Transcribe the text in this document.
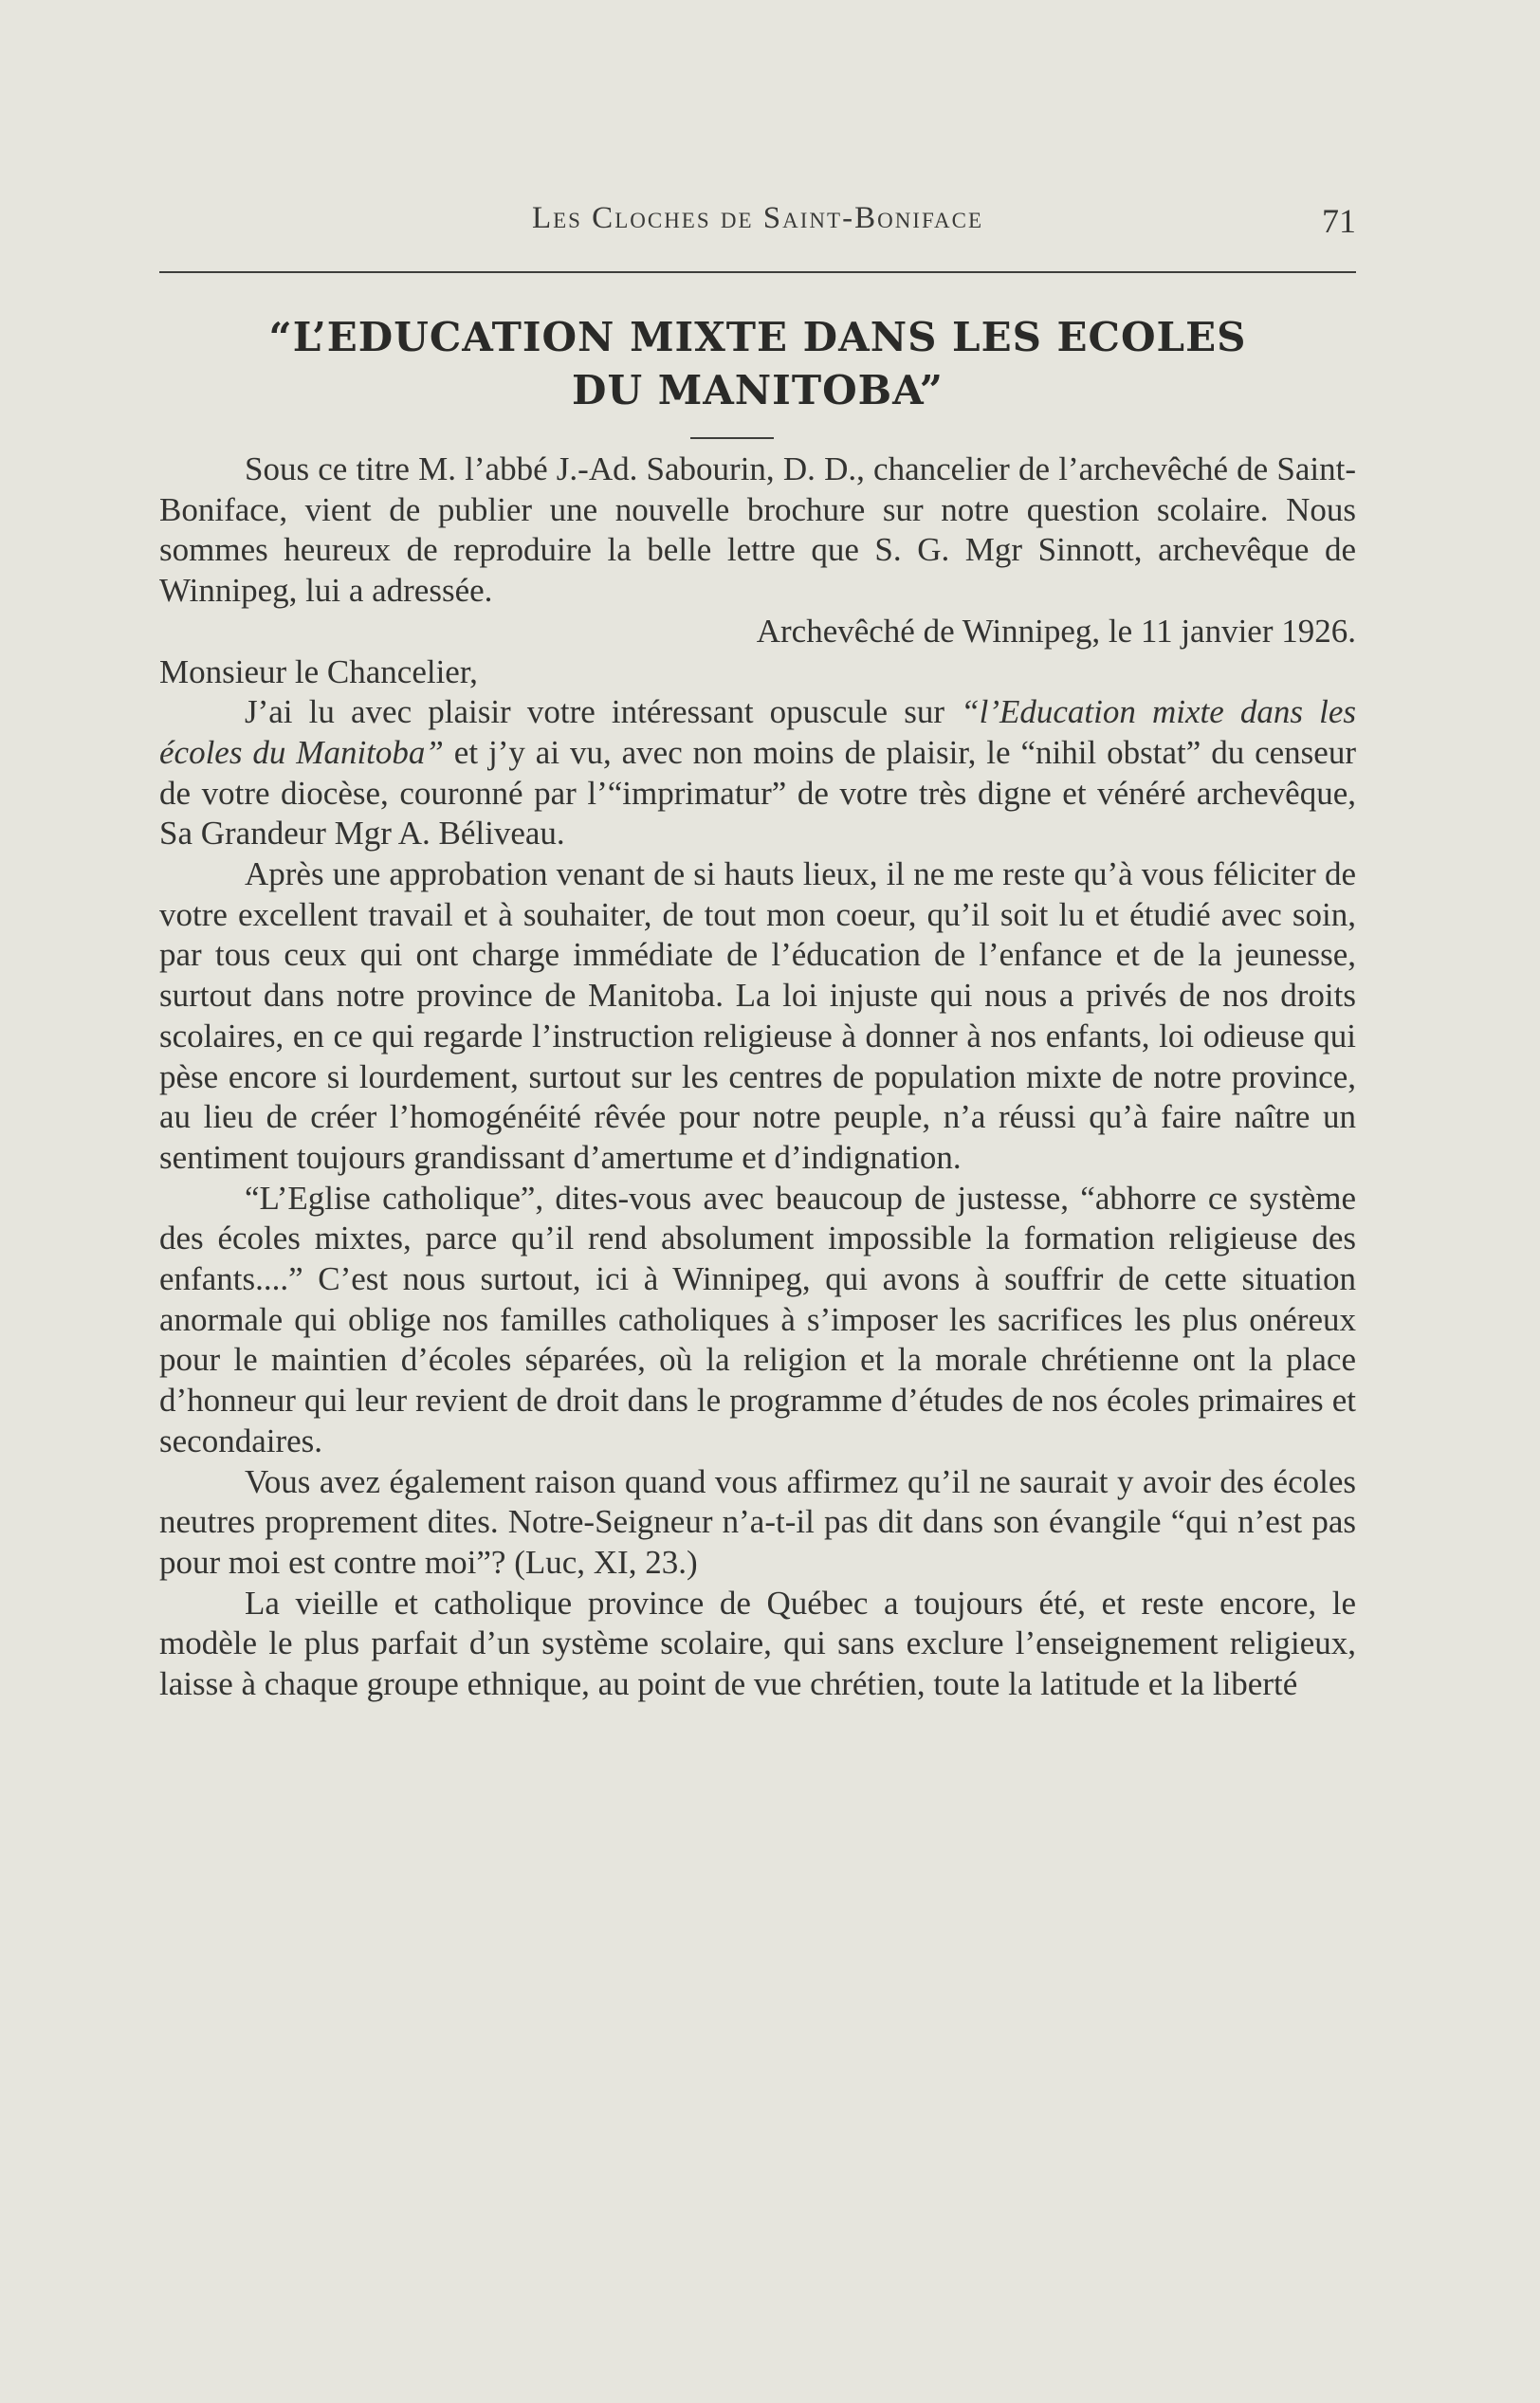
Les Cloches de Saint-Boniface	71
“L’EDUCATION MIXTE DANS LES ECOLES
DU MANITOBA”

Sous ce titre M. l’abbé J.-Ad. Sabourin, D. D., chancelier de l’archevêché de Saint-Boniface, vient de publier une nouvelle brochure sur notre question scolaire. Nous sommes heureux de reproduire la belle lettre que S. G. Mgr Sinnott, archevêque de Winnipeg, lui a adressée.

Archevêché de Winnipeg, le 11 janvier 1926.

Monsieur le Chancelier,

J’ai lu avec plaisir votre intéressant opuscule sur “l’Education mixte dans les écoles du Manitoba” et j’y ai vu, avec non moins de plaisir, le “nihil obstat” du censeur de votre diocèse, couronné par l’“imprimatur” de votre très digne et vénéré archevêque, Sa Grandeur Mgr A. Béliveau.

Après une approbation venant de si hauts lieux, il ne me reste qu’à vous féliciter de votre excellent travail et à souhaiter, de tout mon coeur, qu’il soit lu et étudié avec soin, par tous ceux qui ont charge immédiate de l’éducation de l’enfance et de la jeunesse, surtout dans notre province de Manitoba. La loi injuste qui nous a privés de nos droits scolaires, en ce qui regarde l’instruction religieuse à donner à nos enfants, loi odieuse qui pèse encore si lourdement, surtout sur les centres de population mixte de notre province, au lieu de créer l’homogénéité rêvée pour notre peuple, n’a réussi qu’à faire naître un sentiment toujours grandissant d’amertume et d’indignation.

“L’Eglise catholique”, dites-vous avec beaucoup de justesse, “abhorre ce système des écoles mixtes, parce qu’il rend absolument impossible la formation religieuse des enfants....” C’est nous surtout, ici à Winnipeg, qui avons à souffrir de cette situation anormale qui oblige nos familles catholiques à s’imposer les sacrifices les plus onéreux pour le maintien d’écoles séparées, où la religion et la morale chrétienne ont la place d’honneur qui leur revient de droit dans le programme d’études de nos écoles primaires et secondaires.

Vous avez également raison quand vous affirmez qu’il ne saurait y avoir des écoles neutres proprement dites. Notre-Seigneur n’a-t-il pas dit dans son évangile “qui n’est pas pour moi est contre moi”? (Luc, XI, 23.)

La vieille et catholique province de Québec a toujours été, et reste encore, le modèle le plus parfait d’un système scolaire, qui sans exclure l’enseignement religieux, laisse à chaque groupe ethnique, au point de vue chrétien, toute la latitude et la liberté
